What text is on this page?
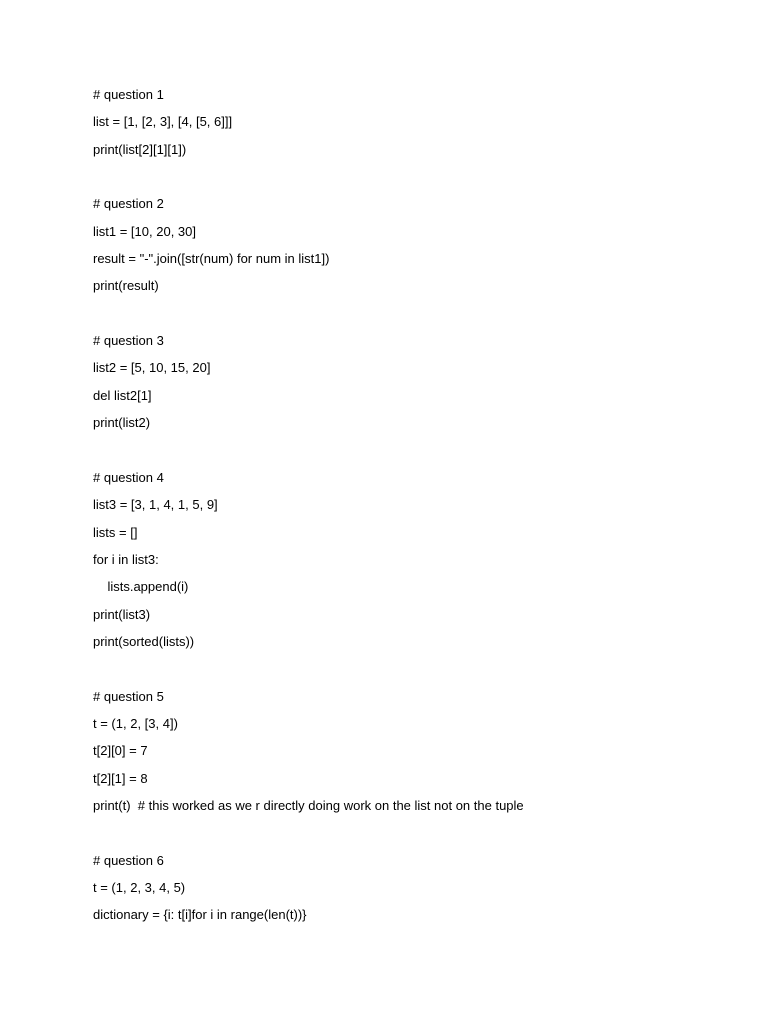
# question 1
list = [1, [2, 3], [4, [5, 6]]]
print(list[2][1][1])
# question 2
list1 = [10, 20, 30]
result = "-".join([str(num) for num in list1])
print(result)
# question 3
list2 = [5, 10, 15, 20]
del list2[1]
print(list2)
# question 4
list3 = [3, 1, 4, 1, 5, 9]
lists = []
for i in list3:
lists.append(i)
print(list3)
print(sorted(lists))
# question 5
t = (1, 2, [3, 4])
t[2][0] = 7
t[2][1] = 8
print(t)  # this worked as we r directly doing work on the list not on the tuple
# question 6
t = (1, 2, 3, 4, 5)
dictionary = {i: t[i]for i in range(len(t))}
